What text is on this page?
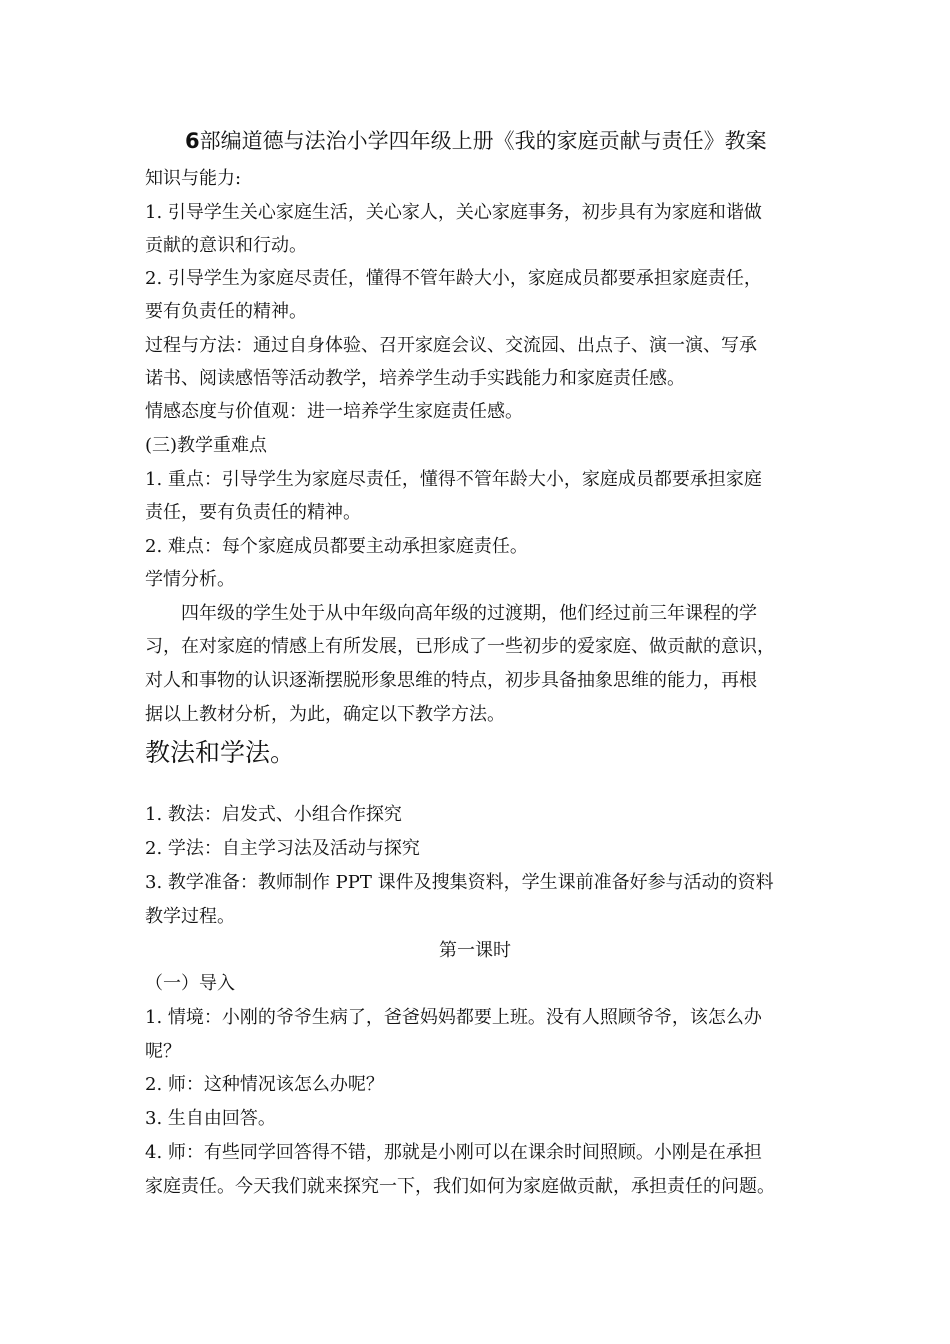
6部编道德与法治小学四年级上册《我的家庭贡献与责任》教案
知识与能力:
1. 引导学生关心家庭生活，关心家人，关心家庭事务，初步具有为家庭和谐做
贡献的意识和行动。
2. 引导学生为家庭尽责任，懂得不管年龄大小，家庭成员都要承担家庭责任，
要有负责任的精神。
过程与方法：通过自身体验、召开家庭会议、交流园、出点子、演一演、写承
诺书、阅读感悟等活动教学，培养学生动手实践能力和家庭责任感。
情感态度与价值观：进一培养学生家庭责任感。
(三)教学重难点
1. 重点：引导学生为家庭尽责任，懂得不管年龄大小，家庭成员都要承担家庭
责任，要有负责任的精神。
2. 难点：每个家庭成员都要主动承担家庭责任。
学情分析。
四年级的学生处于从中年级向高年级的过渡期，他们经过前三年课程的学
习，在对家庭的情感上有所发展，已形成了一些初步的爱家庭、做贡献的意识，
对人和事物的认识逐渐摆脱形象思维的特点，初步具备抽象思维的能力，再根
据以上教材分析，为此，确定以下教学方法。
教法和学法。
1. 教法：启发式、小组合作探究
2. 学法：自主学习法及活动与探究
3. 教学准备：教师制作 PPT 课件及搜集资料，学生课前准备好参与活动的资料
教学过程。
第一课时
（一）导入
1. 情境：小刚的爷爷生病了，爸爸妈妈都要上班。没有人照顾爷爷，该怎么办
呢？
2. 师：这种情况该怎么办呢？
3. 生自由回答。
4. 师：有些同学回答得不错，那就是小刚可以在课余时间照顾。小刚是在承担
家庭责任。今天我们就来探究一下，我们如何为家庭做贡献，承担责任的问题。
